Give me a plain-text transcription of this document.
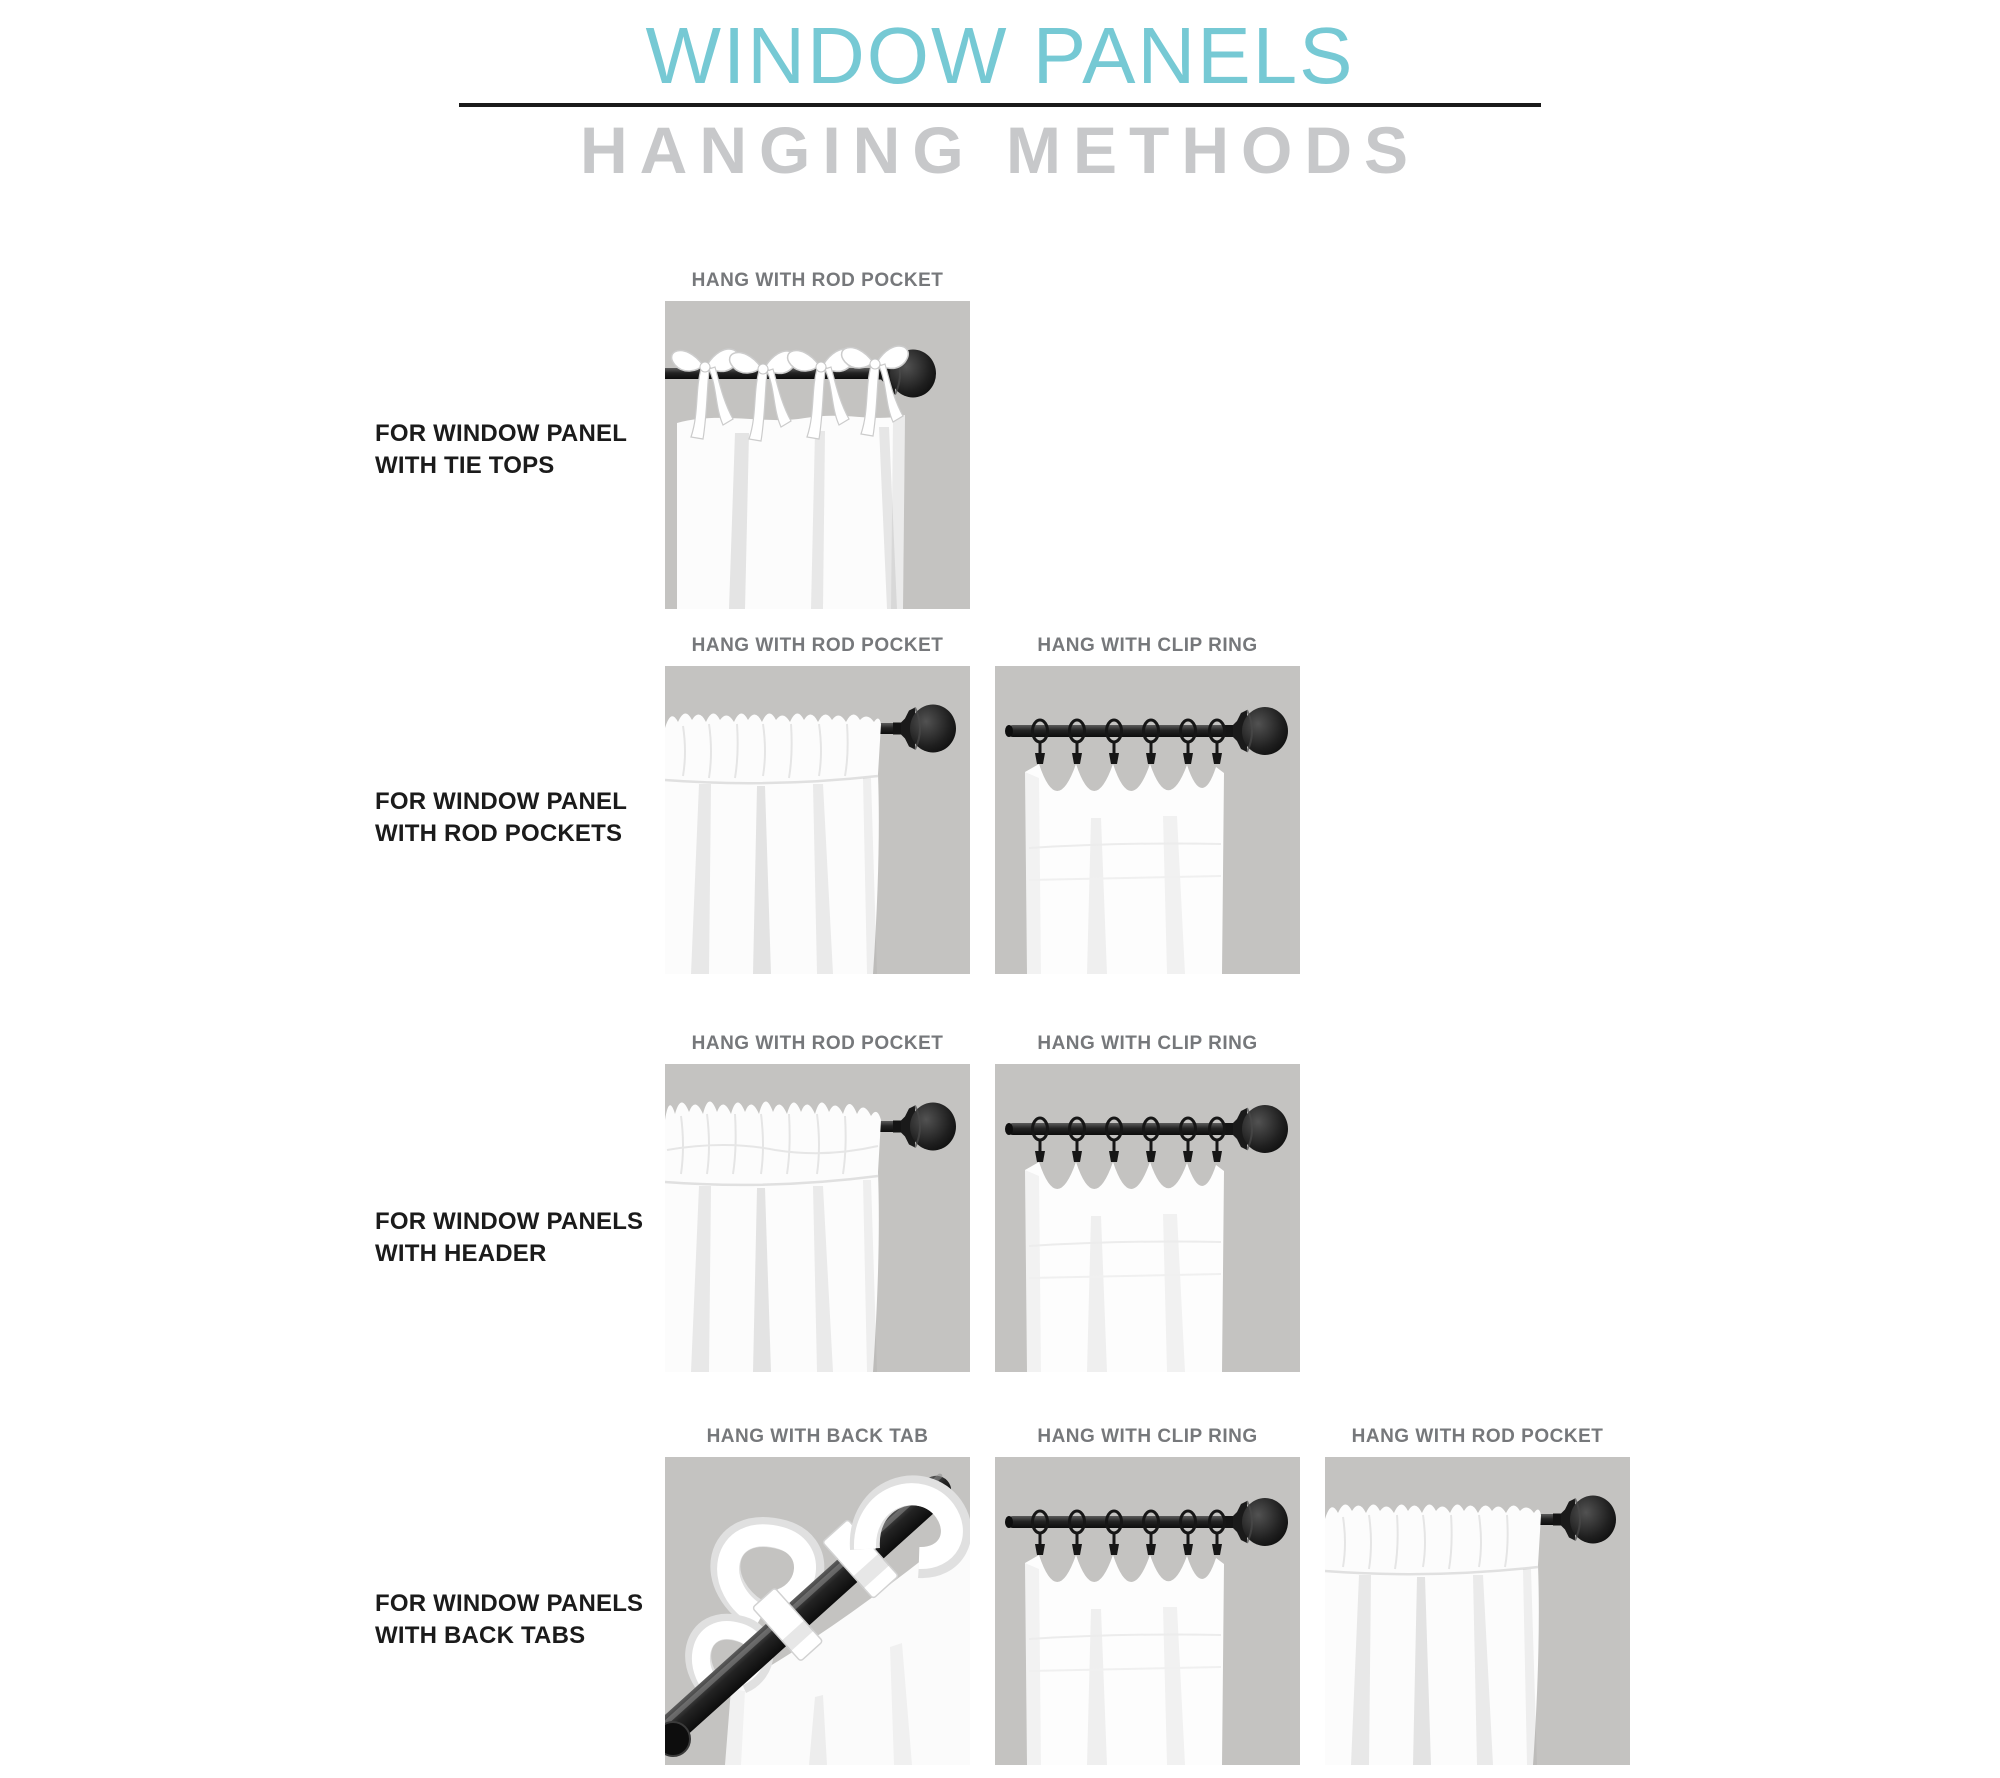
WINDOW PANELS
HANGING METHODS
FOR WINDOW PANEL
WITH TIE TOPS
HANG WITH ROD POCKET
FOR WINDOW PANEL
WITH ROD POCKETS
HANG WITH ROD POCKET	HANG WITH CLIP RING
FOR WINDOW PANELS
WITH HEADER
HANG WITH ROD POCKET	HANG WITH CLIP RING
FOR WINDOW PANELS
WITH BACK TABS
HANG WITH BACK TAB	HANG WITH CLIP RING	HANG WITH ROD POCKET
